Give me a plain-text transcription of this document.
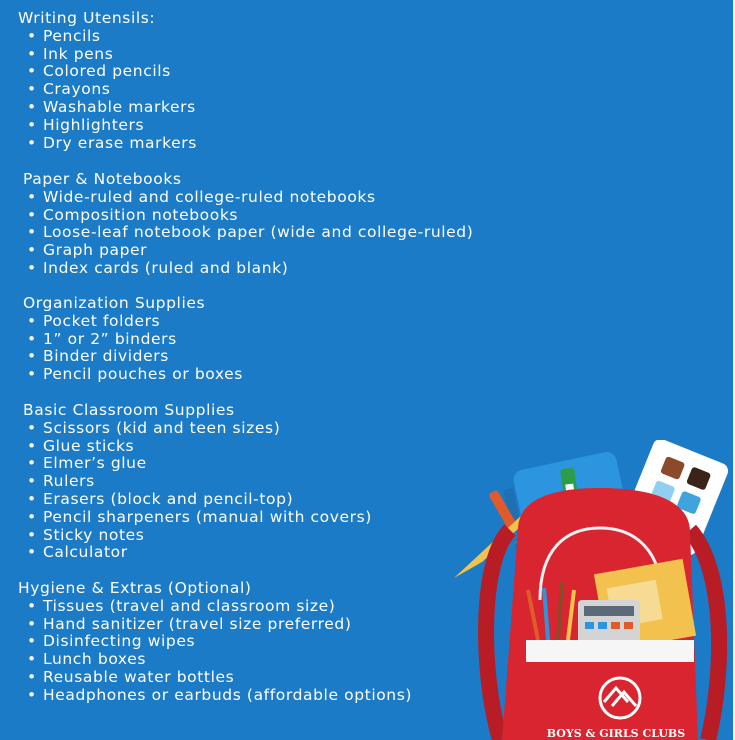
Writing Utensils:
• Pencils
• Ink pens
• Colored pencils
• Crayons
• Washable markers
• Highlighters
• Dry erase markers
Paper & Notebooks
• Wide-ruled and college-ruled notebooks
• Composition notebooks
• Loose-leaf notebook paper (wide and college-ruled)
• Graph paper
• Index cards (ruled and blank)
Organization Supplies
• Pocket folders
• 1” or 2” binders
• Binder dividers
• Pencil pouches or boxes
Basic Classroom Supplies
• Scissors (kid and teen sizes)
• Glue sticks
• Elmer’s glue
• Rulers
• Erasers (block and pencil-top)
• Pencil sharpeners (manual with covers)
• Sticky notes
• Calculator
Hygiene & Extras (Optional)
• Tissues (travel and classroom size)
• Hand sanitizer (travel size preferred)
• Disinfecting wipes
• Lunch boxes
• Reusable water bottles
• Headphones or earbuds (affordable options)
BOYS & GIRLS CLUBS
